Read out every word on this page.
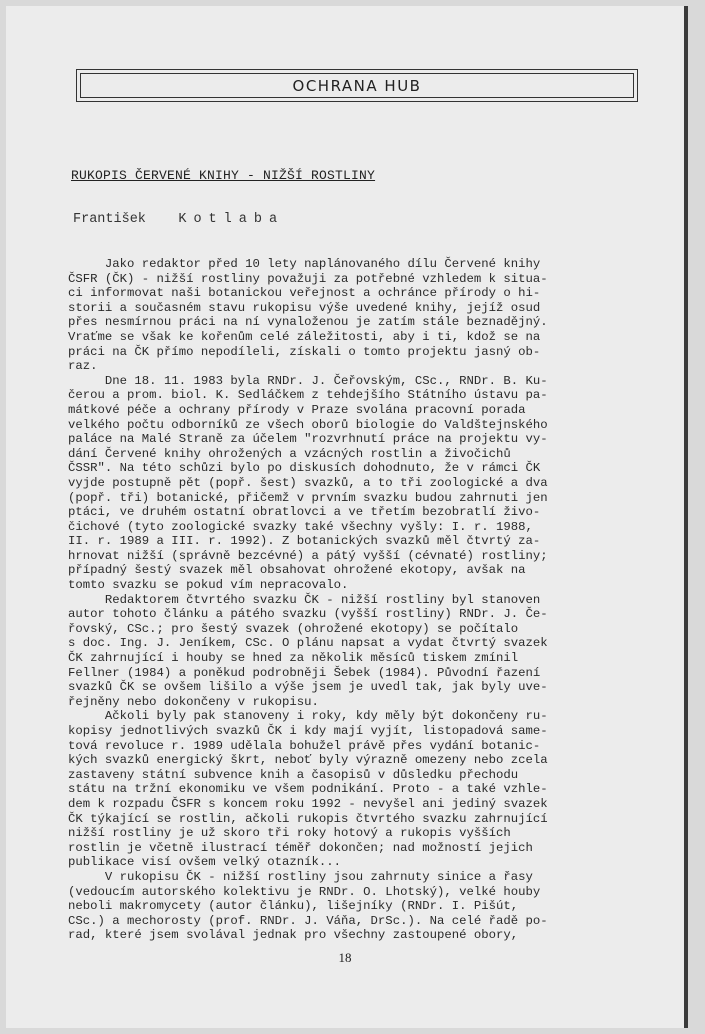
OCHRANA HUB
RUKOPIS ČERVENÉ KNIHY - NIŽŠÍ ROSTLINY
František Kotlaba
Jako redaktor před 10 lety naplánovaného dílu Červené knihy
ČSFR (ČK) - nižší rostliny považuji za potřebné vzhledem k situa-
ci informovat naši botanickou veřejnost a ochránce přírody o hi-
storii a současném stavu rukopisu výše uvedené knihy, jejíž osud
přes nesmírnou práci na ní vynaloženou je zatím stále beznadějný.
Vraťme se však ke kořenům celé záležitosti, aby i ti, kdož se na
práci na ČK přímo nepodíleli, získali o tomto projektu jasný ob-
raz.
Dne 18. 11. 1983 byla RNDr. J. Čeřovským, CSc., RNDr. B. Ku-
čerou a prom. biol. K. Sedláčkem z tehdejšího Státního ústavu pa-
mátkové péče a ochrany přírody v Praze svolána pracovní porada
velkého počtu odborníků ze všech oborů biologie do Valdštejnského
paláce na Malé Straně za účelem "rozvrhnutí práce na projektu vy-
dání Červené knihy ohrožených a vzácných rostlin a živočichů
ČSSR". Na této schůzi bylo po diskusích dohodnuto, že v rámci ČK
vyjde postupně pět (popř. šest) svazků, a to tři zoologické a dva
(popř. tři) botanické, přičemž v prvním svazku budou zahrnuti jen
ptáci, ve druhém ostatní obratlovci a ve třetím bezobratlí živo-
čichové (tyto zoologické svazky také všechny vyšly: I. r. 1988,
II. r. 1989 a III. r. 1992). Z botanických svazků měl čtvrtý za-
hrnovat nižší (správně bezcévné) a pátý vyšší (cévnaté) rostliny;
případný šestý svazek měl obsahovat ohrožené ekotopy, avšak na
tomto svazku se pokud vím nepracovalo.
Redaktorem čtvrtého svazku ČK - nižší rostliny byl stanoven
autor tohoto článku a pátého svazku (vyšší rostliny) RNDr. J. Če-
řovský, CSc.; pro šestý svazek (ohrožené ekotopy) se počítalo
s doc. Ing. J. Jeníkem, CSc. O plánu napsat a vydat čtvrtý svazek
ČK zahrnující i houby se hned za několik měsíců tiskem zmínil
Fellner (1984) a poněkud podrobněji Šebek (1984). Původní řazení
svazků ČK se ovšem lišilo a výše jsem je uvedl tak, jak byly uve-
řejněny nebo dokončeny v rukopisu.
Ačkoli byly pak stanoveny i roky, kdy měly být dokončeny ru-
kopisy jednotlivých svazků ČK i kdy mají vyjít, listopadová same-
tová revoluce r. 1989 udělala bohužel právě přes vydání botanic-
kých svazků energický škrt, neboť byly výrazně omezeny nebo zcela
zastaveny státní subvence knih a časopisů v důsledku přechodu
státu na tržní ekonomiku ve všem podnikání. Proto - a také vzhle-
dem k rozpadu ČSFR s koncem roku 1992 - nevyšel ani jediný svazek
ČK týkající se rostlin, ačkoli rukopis čtvrtého svazku zahrnující
nižší rostliny je už skoro tři roky hotový a rukopis vyšších
rostlin je včetně ilustrací téměř dokončen; nad možností jejich
publikace visí ovšem velký otazník...
V rukopisu ČK - nižší rostliny jsou zahrnuty sinice a řasy
(vedoucím autorského kolektivu je RNDr. O. Lhotský), velké houby
neboli makromycety (autor článku), lišejníky (RNDr. I. Pišút,
CSc.) a mechorosty (prof. RNDr. J. Váňa, DrSc.). Na celé řadě po-
rad, které jsem svolával jednak pro všechny zastoupené obory,
18
